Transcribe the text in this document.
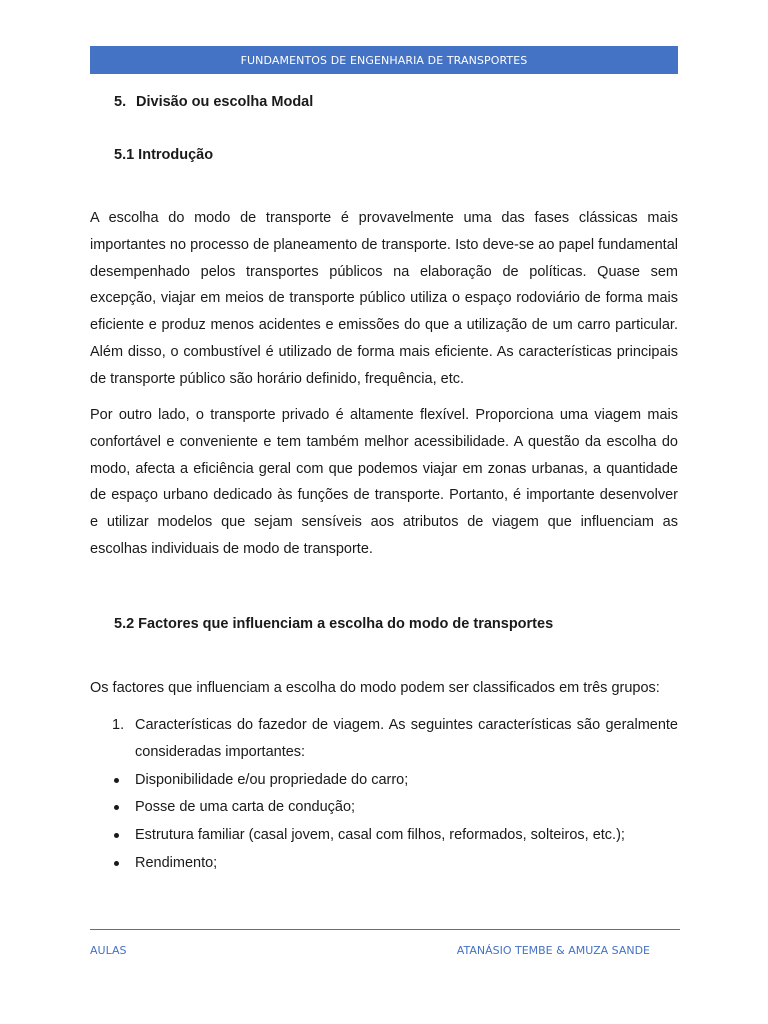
FUNDAMENTOS DE ENGENHARIA DE TRANSPORTES
5. Divisão ou escolha Modal
5.1 Introdução

A escolha do modo de transporte é provavelmente uma das fases clássicas mais importantes no processo de planeamento de transporte. Isto deve-se ao papel fundamental desempenhado pelos transportes públicos na elaboração de políticas. Quase sem excepção, viajar em meios de transporte público utiliza o espaço rodoviário de forma mais eficiente e produz menos acidentes e emissões do que a utilização de um carro particular. Além disso, o combustível é utilizado de forma mais eficiente. As características principais de transporte público são horário definido, frequência, etc.

Por outro lado, o transporte privado é altamente flexível. Proporciona uma viagem mais confortável e conveniente e tem também melhor acessibilidade. A questão da escolha do modo, afecta a eficiência geral com que podemos viajar em zonas urbanas, a quantidade de espaço urbano dedicado às funções de transporte. Portanto, é importante desenvolver e utilizar modelos que sejam sensíveis aos atributos de viagem que influenciam as escolhas individuais de modo de transporte.

5.2 Factores que influenciam a escolha do modo de transportes

Os factores que influenciam a escolha do modo podem ser classificados em três grupos:

1. Características do fazedor de viagem. As seguintes características são geralmente consideradas importantes:
Disponibilidade e/ou propriedade do carro;
Posse de uma carta de condução;
Estrutura familiar (casal jovem, casal com filhos, reformados, solteiros, etc.);
Rendimento;
AULAS	ATANÁSIO TEMBE & AMUZA SANDE
